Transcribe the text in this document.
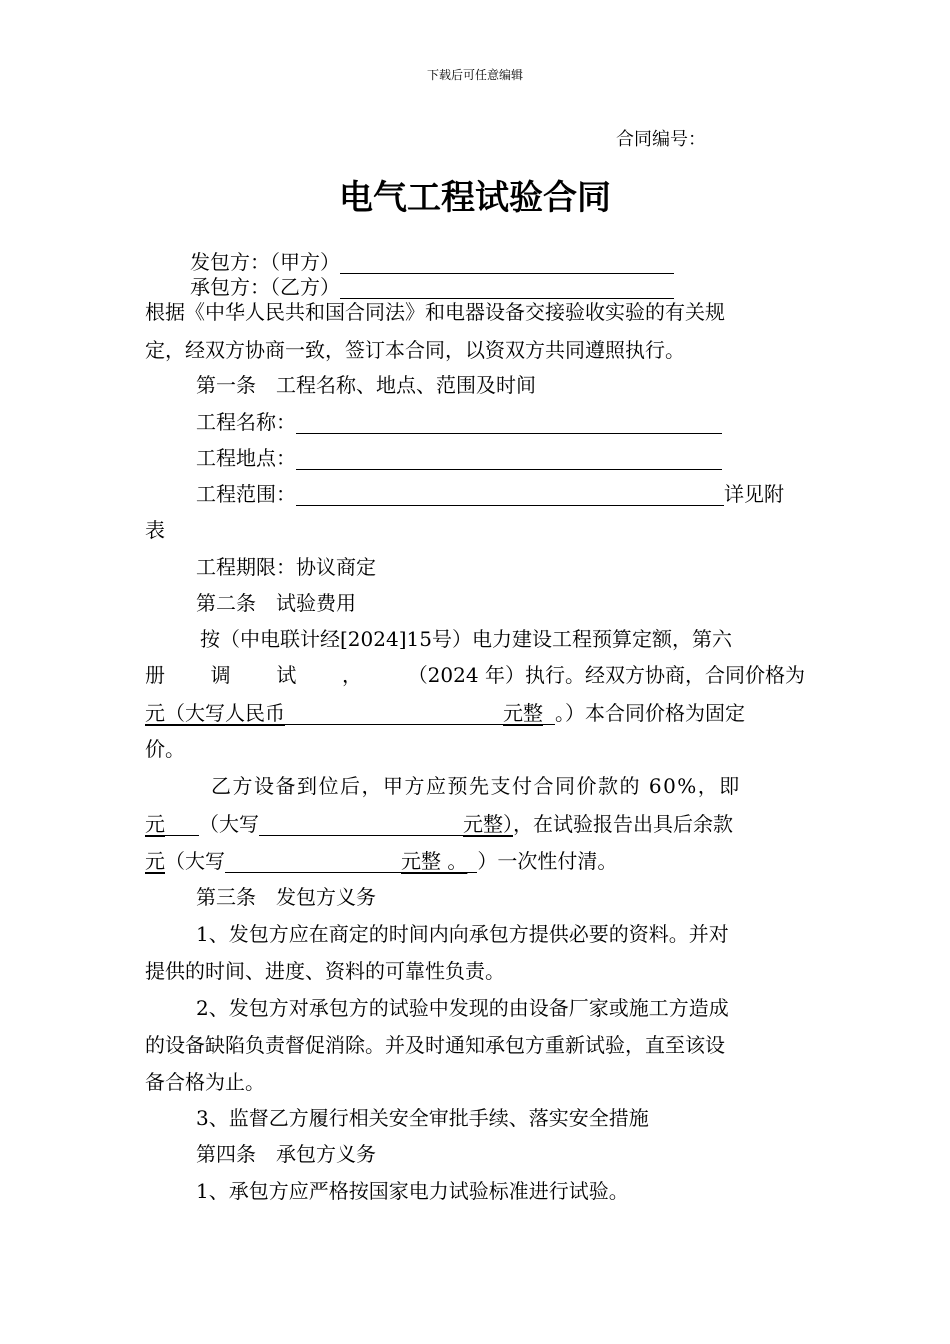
下载后可任意编辑
合同编号：
电气工程试验合同
发包方：（甲方）
承包方：（乙方）
根据《中华人民共和国合同法》和电器设备交接验收实验的有关规
定，经双方协商一致，签订本合同，以资双方共同遵照执行。
第一条　工程名称、地点、范围及时间
工程名称：
工程地点：
工程范围：	详见附
表
工程期限：协议商定
第二条　试验费用
按（中电联计经[2024]15号）电力建设工程预算定额，第六
册 调 试 ， （2024 年）执行。经双方协商，合同价格为
元（大写人民币	元整 。）本合同价格为固定
价。
乙方设备到位后，甲方应预先支付合同价款的 60%，即
元 （大写	元整），在试验报告出具后余款
元（大写	元整 。 ）一次性付清。
第三条　发包方义务
1、发包方应在商定的时间内向承包方提供必要的资料。并对
提供的时间、进度、资料的可靠性负责。
2、发包方对承包方的试验中发现的由设备厂家或施工方造成
的设备缺陷负责督促消除。并及时通知承包方重新试验，直至该设
备合格为止。
3、监督乙方履行相关安全审批手续、落实安全措施
第四条　承包方义务
1、承包方应严格按国家电力试验标准进行试验。
